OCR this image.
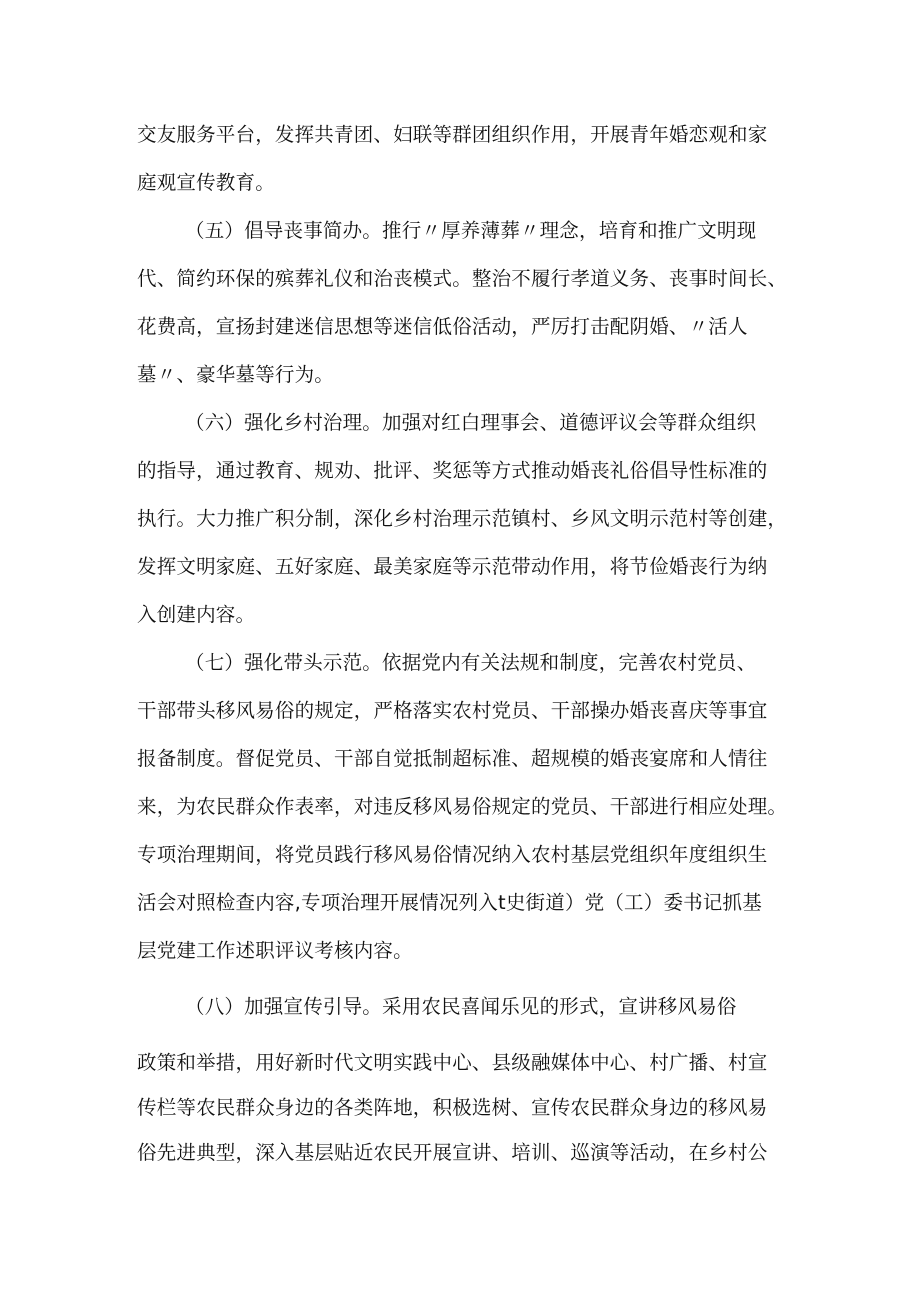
交友服务平台，发挥共青团、妇联等群团组织作用，开展青年婚恋观和家
庭观宣传教育。
（五）倡导丧事简办。推行〃厚养薄葬〃理念，培育和推广文明现
代、简约环保的殡葬礼仪和治丧模式。整治不履行孝道义务、丧事时间长、
花费高，宣扬封建迷信思想等迷信低俗活动，严厉打击配阴婚、〃活人
墓〃、豪华墓等行为。
（六）强化乡村治理。加强对红白理事会、道德评议会等群众组织
的指导，通过教育、规劝、批评、奖惩等方式推动婚丧礼俗倡导性标准的
执行。大力推广积分制，深化乡村治理示范镇村、乡风文明示范村等创建，
发挥文明家庭、五好家庭、最美家庭等示范带动作用，将节俭婚丧行为纳
入创建内容。
（七）强化带头示范。依据党内有关法规和制度，完善农村党员、
干部带头移风易俗的规定，严格落实农村党员、干部操办婚丧喜庆等事宜
报备制度。督促党员、干部自觉抵制超标准、超规模的婚丧宴席和人情往
来，为农民群众作表率，对违反移风易俗规定的党员、干部进行相应处理。
专项治理期间，将党员践行移风易俗情况纳入农村基层党组织年度组织生
活会对照检查内容,专项治理开展情况列入t史街道）党（工）委书记抓基
层党建工作述职评议考核内容。
（八）加强宣传引导。采用农民喜闻乐见的形式，宣讲移风易俗
政策和举措，用好新时代文明实践中心、县级融媒体中心、村广播、村宣
传栏等农民群众身边的各类阵地，积极选树、宣传农民群众身边的移风易
俗先进典型，深入基层贴近农民开展宣讲、培训、巡演等活动，在乡村公
